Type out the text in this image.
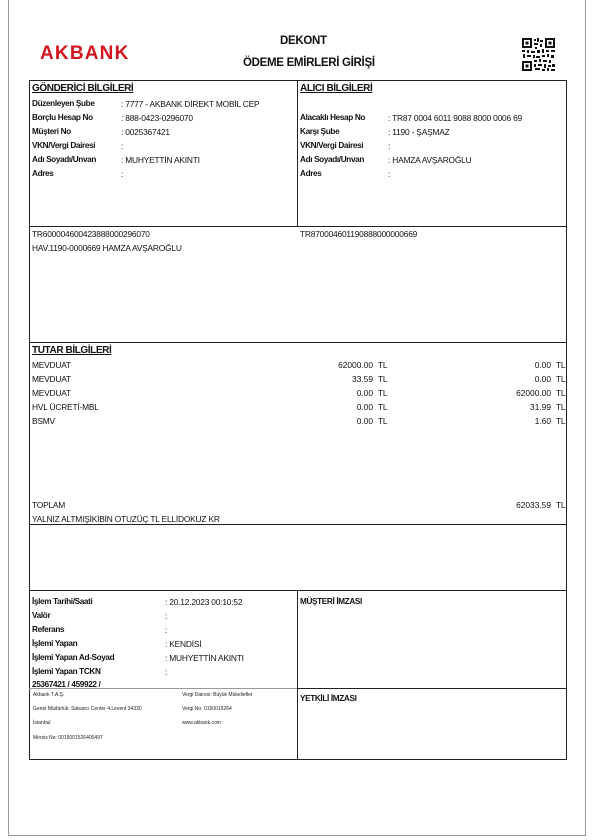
AKBANK
DEKONT
ÖDEME EMİRLERİ GİRİŞİ
GÖNDERİCİ BİLGİLERİ
Düzenleyen Şube	: 7777 - AKBANK DİREKT MOBİL CEP
Borçlu Hesap No	: 888-0423-0296070
Müşteri No	: 0025367421
VKN/Vergi Dairesi	:
Adı Soyadı/Unvan	: MUHYETTİN AKINTI
Adres	:
ALICI BİLGİLERİ
Alacaklı Hesap No	: TR87 0004 6011 9088 8000 0006 69
Karşı Şube	: 1190 - ŞAŞMAZ
VKN/Vergi Dairesi	:
Adı Soyadı/Unvan	: HAMZA AVŞAROĞLU
Adres	:
TR600004600423888000296070	TR870004601190888000000669
HAV.1190-0000669 HAMZA AVŞAROĞLU
TUTAR BİLGİLERİ
MEVDUAT	62000.00 TL	0.00 TL
MEVDUAT	33.59 TL	0.00 TL
MEVDUAT	0.00 TL	62000.00 TL
HVL ÜCRETİ-MBL	0.00 TL	31.99 TL
BSMV	0.00 TL	1.60 TL
TOPLAM	62033.59 TL
YALNIZ ALTMIŞİKİBİN OTUZÜÇ TL ELLİDOKUZ KR
İşlem Tarihi/Saati	: 20.12.2023 00:10:52
Valör	:
Referans	:
İşlemi Yapan	: KENDİSİ
İşlemi Yapan Ad-Soyad	: MUHYETTİN AKINTI
İşlemi Yapan TCKN	:
25367421 / 459922 /
MÜŞTERİ İMZASI
YETKİLİ İMZASI
Akbank T.A.Ş.
Genel Müdürlük: Sabancı Center 4.Levent 34330
İstanbul
Mersis No: 0015001526400497
Vergi Dairesi: Büyük Mükellefler
Vergi No: 0150015264
www.akbank.com
